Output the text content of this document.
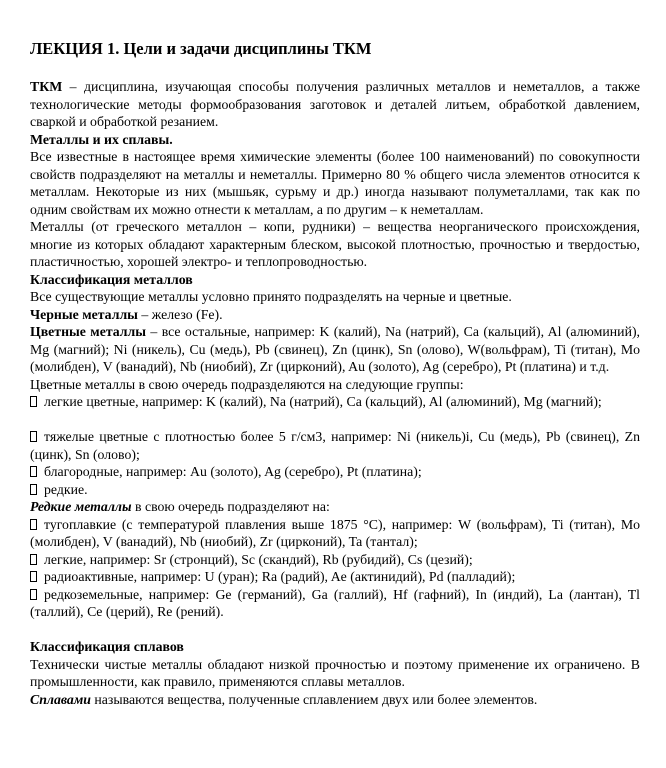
ЛЕКЦИЯ 1. Цели и задачи дисциплины ТКМ
ТКМ – дисциплина, изучающая способы получения различных металлов и неметаллов, а также технологические методы формообразования заготовок и деталей литьем, обработкой давлением, сваркой и обработкой резанием.
Металлы и их сплавы.
Все известные в настоящее время химические элементы (более 100 наименований) по совокупности свойств подразделяют на металлы и неметаллы. Примерно 80 % общего числа элементов относится к металлам. Некоторые из них (мышьяк, сурьму и др.) иногда называют полуметаллами, так как по одним свойствам их можно отнести к металлам, а по другим – к неметаллам.
Металлы (от греческого металлон – копи, рудники) – вещества неорганического происхождения, многие из которых обладают характерным блеском, высокой плотностью, прочностью и твердостью, пластичностью, хорошей электро- и теплопроводностью.
Классификация металлов
Все существующие металлы условно принято подразделять на черные и цветные.
Черные металлы – железо (Fe).
Цветные металлы – все остальные, например: K (калий), Na (натрий), Ca (кальций), Al (алюминий), Mg (магний); Ni (никель), Cu (медь), Pb (свинец), Zn (цинк), Sn (олово), W(вольфрам), Ti (титан), Mo (молибден), V (ванадий), Nb (ниобий), Zr (цирконий), Au (золото), Ag (серебро), Pt (платина) и т.д.
Цветные металлы в свою очередь подразделяются на следующие группы:
легкие цветные, например: K (калий), Na (натрий), Ca (кальций), Al (алюминий), Mg (магний);
тяжелые цветные с плотностью более 5 г/см3, например: Ni (никель)i, Cu (медь), Pb (свинец), Zn (цинк), Sn (олово);
благородные, например: Au (золото), Ag (серебро), Pt (платина);
редкие.
Редкие металлы в свою очередь подразделяют на:
тугоплавкие (с температурой плавления выше 1875 °С), например: W (вольфрам), Ti (титан), Mo (молибден), V (ванадий), Nb (ниобий), Zr (цирконий), Ta (тантал);
легкие, например: Sr (стронций), Sc (скандий), Rb (рубидий), Cs (цезий);
радиоактивные, например: U (уран); Ra (радий), Ae (актинидий), Pd (палладий);
редкоземельные, например: Ge (германий), Ga (галлий), Hf (гафний), In (индий), La (лантан), Tl (таллий), Ce (церий), Re (рений).
Классификация сплавов
Технически чистые металлы обладают низкой прочностью и поэтому применение их ограничено. В промышленности, как правило, применяются сплавы металлов.
Сплавами называются вещества, полученные сплавлением двух или более элементов.
